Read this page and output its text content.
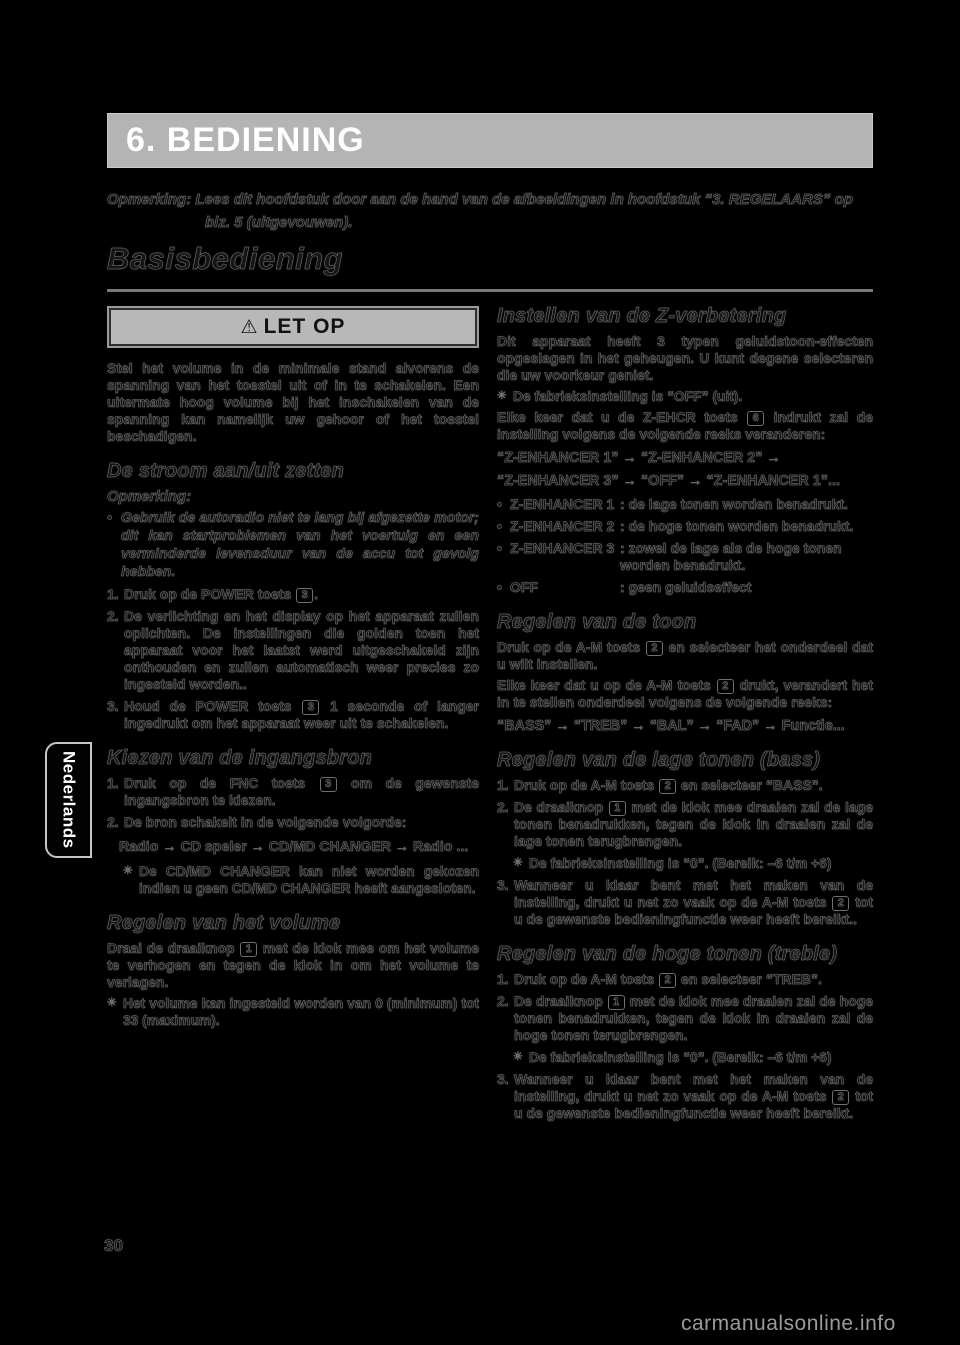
6. BEDIENING
Opmerking: Lees dit hoofdstuk door aan de hand van de afbeeldingen in hoofdstuk “3. REGELAARS” op
blz. 5 (uitgevouwen).
Basisbediening
⚠ LET OP
Stel het volume in de minimale stand alvorens de spanning van het toestel uit of in te schakelen. Een uitermate hoog volume bij het inschakelen van de spanning kan namelijk uw gehoor of het toestel beschadigen.
De stroom aan/uit zetten
Opmerking:
• Gebruik de autoradio niet te lang bij afgezette motor; dit kan startproblemen van het voertuig en een verminderde levensduur van de accu tot gevolg hebben.
1. Druk op de POWER toets 3 .
2. De verlichting en het display op het apparaat zullen oplichten. De instellingen die golden toen het apparaat voor het laatst werd uitgeschakeld zijn onthouden en zullen automatisch weer precies zo ingesteld worden..
3. Houd de POWER toets 3 1 seconde of langer ingedrukt om het apparaat weer uit te schakelen.
Kiezen van de ingangsbron
1. Druk op de FNC toets 3 om de gewenste ingangsbron te kiezen.
2. De bron schakelt in de volgende volgorde:
Radio → CD speler → CD/MD CHANGER → Radio ...
✳ De CD/MD CHANGER kan niet worden gekozen indien u geen CD/MD CHANGER heeft aangesloten.
Regelen van het volume
Draai de draaiknop 1 met de klok mee om het volume te verhogen en tegen de klok in om het volume te verlagen.
✳ Het volume kan ingesteld worden van 0 (minimum) tot 33 (maximum).
Instellen van de Z-verbetering
Dit apparaat heeft 3 typen geluidstoon-effecten opgeslagen in het geheugen. U kunt degene selecteren die uw voorkeur geniet.
✳ De fabrieksinstelling is “OFF” (uit).
Elke keer dat u de Z-EHCR toets 6 indrukt zal de instelling volgens de volgende reeks veranderen:
“Z-ENHANCER 1” → “Z-ENHANCER 2” →
“Z-ENHANCER 3” → “OFF” → “Z-ENHANCER 1”...
• Z-ENHANCER 1 : de lage tonen worden benadrukt.
• Z-ENHANCER 2 : de hoge tonen worden benadrukt.
• Z-ENHANCER 3 : zowel de lage als de hoge tonen worden benadrukt.
• OFF	: geen geluidseffect
Regelen van de toon
Druk op de A-M toets 2 en selecteer het onderdeel dat u wilt instellen.
Elke keer dat u op de A-M toets 2 drukt, verandert het in te stellen onderdeel volgens de volgende reeks:
“BASS” → “TREB” → “BAL” → “FAD” → Functie...
Regelen van de lage tonen (bass)
1. Druk op de A-M toets 2 en selecteer “BASS”.
2. De draaiknop 1 met de klok mee draaien zal de lage tonen benadrukken, tegen de klok in draaien zal de lage tonen terugbrengen.
✳ De fabrieksinstelling is “0”. (Bereik: –6 t/m +6)
3. Wanneer u klaar bent met het maken van de instelling, drukt u net zo vaak op de A-M toets 2 tot u de gewenste bedieningfunctie weer heeft bereikt..
Regelen van de hoge tonen (treble)
1. Druk op de A-M toets 2 en selecteer “TREB”.
2. De draaiknop 1 met de klok mee draaien zal de hoge tonen benadrukken, tegen de klok in draaien zal de hoge tonen terugbrengen.
✳ De fabrieksinstelling is “0”. (Bereik: –6 t/m +6)
3. Wanneer u klaar bent met het maken van de instelling, drukt u net zo vaak op de A-M toets 2 tot u de gewenste bedieningfunctie weer heeft bereikt.
Nederlands
30
carmanualsonline.info
